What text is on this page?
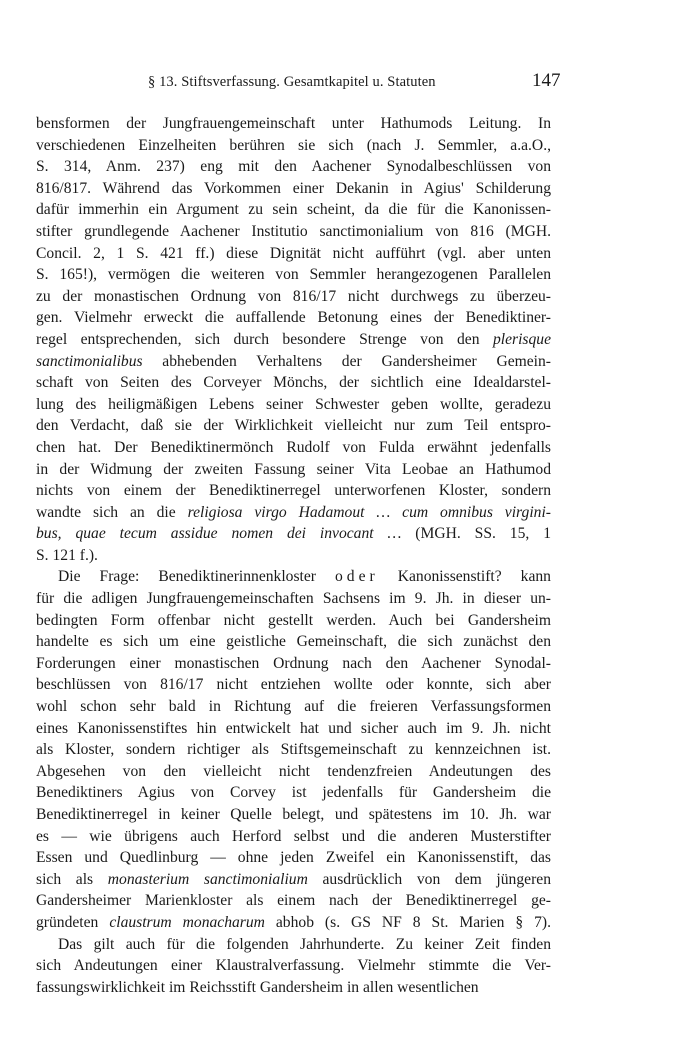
§ 13. Stiftsverfassung. Gesamtkapitel u. Statuten	147
bensformen der Jungfrauengemeinschaft unter Hathumods Leitung. In
verschiedenen Einzelheiten berühren sie sich (nach J. Semmler, a.a.O.,
S. 314, Anm. 237) eng mit den Aachener Synodalbeschlüssen von
816/817. Während das Vorkommen einer Dekanin in Agius' Schilderung
dafür immerhin ein Argument zu sein scheint, da die für die Kanonissen-
stifter grundlegende Aachener Institutio sanctimonialium von 816 (MGH.
Concil. 2, 1 S. 421 ff.) diese Dignität nicht aufführt (vgl. aber unten
S. 165!), vermögen die weiteren von Semmler herangezogenen Parallelen
zu der monastischen Ordnung von 816/17 nicht durchwegs zu überzeu-
gen. Vielmehr erweckt die auffallende Betonung eines der Benediktiner-
regel entsprechenden, sich durch besondere Strenge von den plerisque
sanctimonialibus abhebenden Verhaltens der Gandersheimer Gemein-
schaft von Seiten des Corveyer Mönchs, der sichtlich eine Idealdarstel-
lung des heiligmäßigen Lebens seiner Schwester geben wollte, geradezu
den Verdacht, daß sie der Wirklichkeit vielleicht nur zum Teil entspro-
chen hat. Der Benediktinermönch Rudolf von Fulda erwähnt jedenfalls
in der Widmung der zweiten Fassung seiner Vita Leobae an Hathumod
nichts von einem der Benediktinerregel unterworfenen Kloster, sondern
wandte sich an die religiosa virgo Hadamout … cum omnibus virgini-
bus, quae tecum assidue nomen dei invocant … (MGH. SS. 15, 1
S. 121 f.).
Die Frage: Benediktinerinnenkloster oder Kanonissenstift? kann
für die adligen Jungfrauengemeinschaften Sachsens im 9. Jh. in dieser un-
bedingten Form offenbar nicht gestellt werden. Auch bei Gandersheim
handelte es sich um eine geistliche Gemeinschaft, die sich zunächst den
Forderungen einer monastischen Ordnung nach den Aachener Synodal-
beschlüssen von 816/17 nicht entziehen wollte oder konnte, sich aber
wohl schon sehr bald in Richtung auf die freieren Verfassungsformen
eines Kanonissenstiftes hin entwickelt hat und sicher auch im 9. Jh. nicht
als Kloster, sondern richtiger als Stiftsgemeinschaft zu kennzeichnen ist.
Abgesehen von den vielleicht nicht tendenzfreien Andeutungen des
Benediktiners Agius von Corvey ist jedenfalls für Gandersheim die
Benediktinerregel in keiner Quelle belegt, und spätestens im 10. Jh. war
es — wie übrigens auch Herford selbst und die anderen Musterstifter
Essen und Quedlinburg — ohne jeden Zweifel ein Kanonissenstift, das
sich als monasterium sanctimonialium ausdrücklich von dem jüngeren
Gandersheimer Marienkloster als einem nach der Benediktinerregel ge-
gründeten claustrum monacharum abhob (s. GS NF 8 St. Marien § 7).
Das gilt auch für die folgenden Jahrhunderte. Zu keiner Zeit finden
sich Andeutungen einer Klaustralverfassung. Vielmehr stimmte die Ver-
fassungswirklichkeit im Reichsstift Gandersheim in allen wesentlichen
